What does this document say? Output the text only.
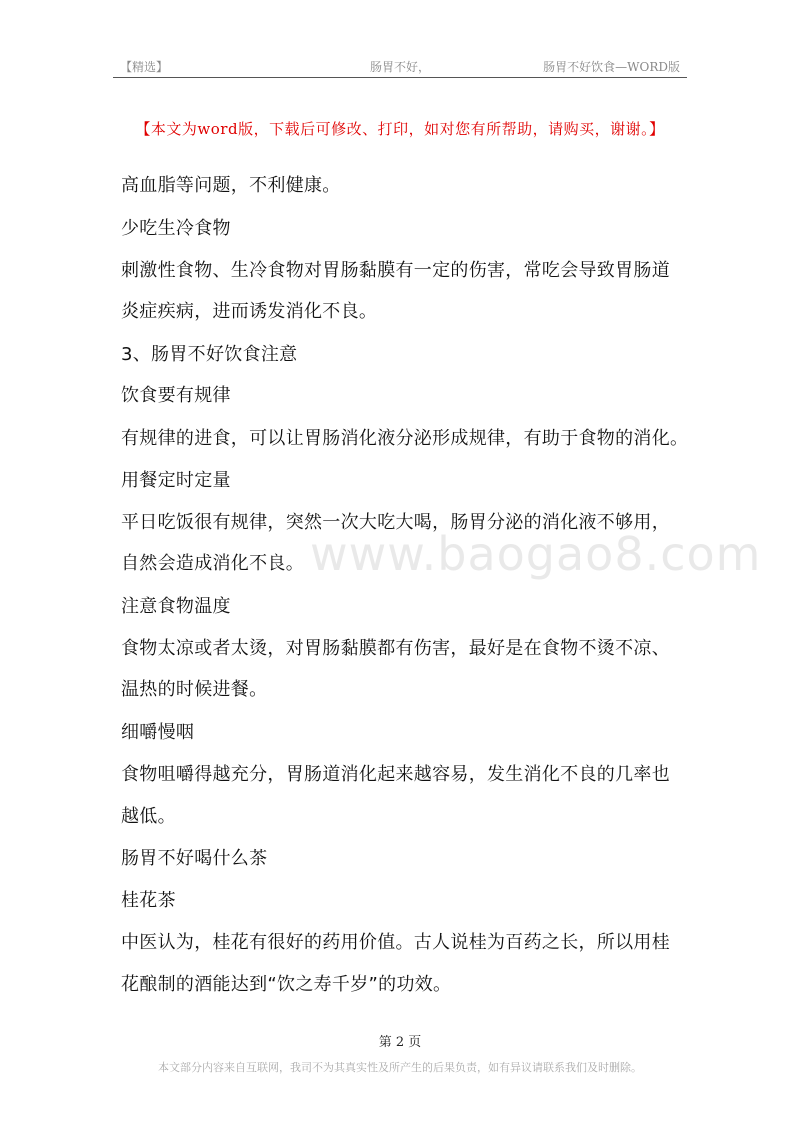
【精选】	肠胃不好，	肠胃不好饮食—WORD版
【本文为word版，下载后可修改、打印，如对您有所帮助，请购买，谢谢。】
www.baogao8.com
高血脂等问题，不利健康。
少吃生冷食物
刺激性食物、生冷食物对胃肠黏膜有一定的伤害，常吃会导致胃肠道
炎症疾病，进而诱发消化不良。
3、肠胃不好饮食注意
饮食要有规律
有规律的进食，可以让胃肠消化液分泌形成规律，有助于食物的消化。
用餐定时定量
平日吃饭很有规律，突然一次大吃大喝，肠胃分泌的消化液不够用，
自然会造成消化不良。
注意食物温度
食物太凉或者太烫，对胃肠黏膜都有伤害，最好是在食物不烫不凉、
温热的时候进餐。
细嚼慢咽
食物咀嚼得越充分，胃肠道消化起来越容易，发生消化不良的几率也
越低。
肠胃不好喝什么茶
桂花茶
中医认为，桂花有很好的药用价值。古人说桂为百药之长，所以用桂
花酿制的酒能达到“饮之寿千岁”的功效。
第 2 页
本文部分内容来自互联网，我司不为其真实性及所产生的后果负责，如有异议请联系我们及时删除。
